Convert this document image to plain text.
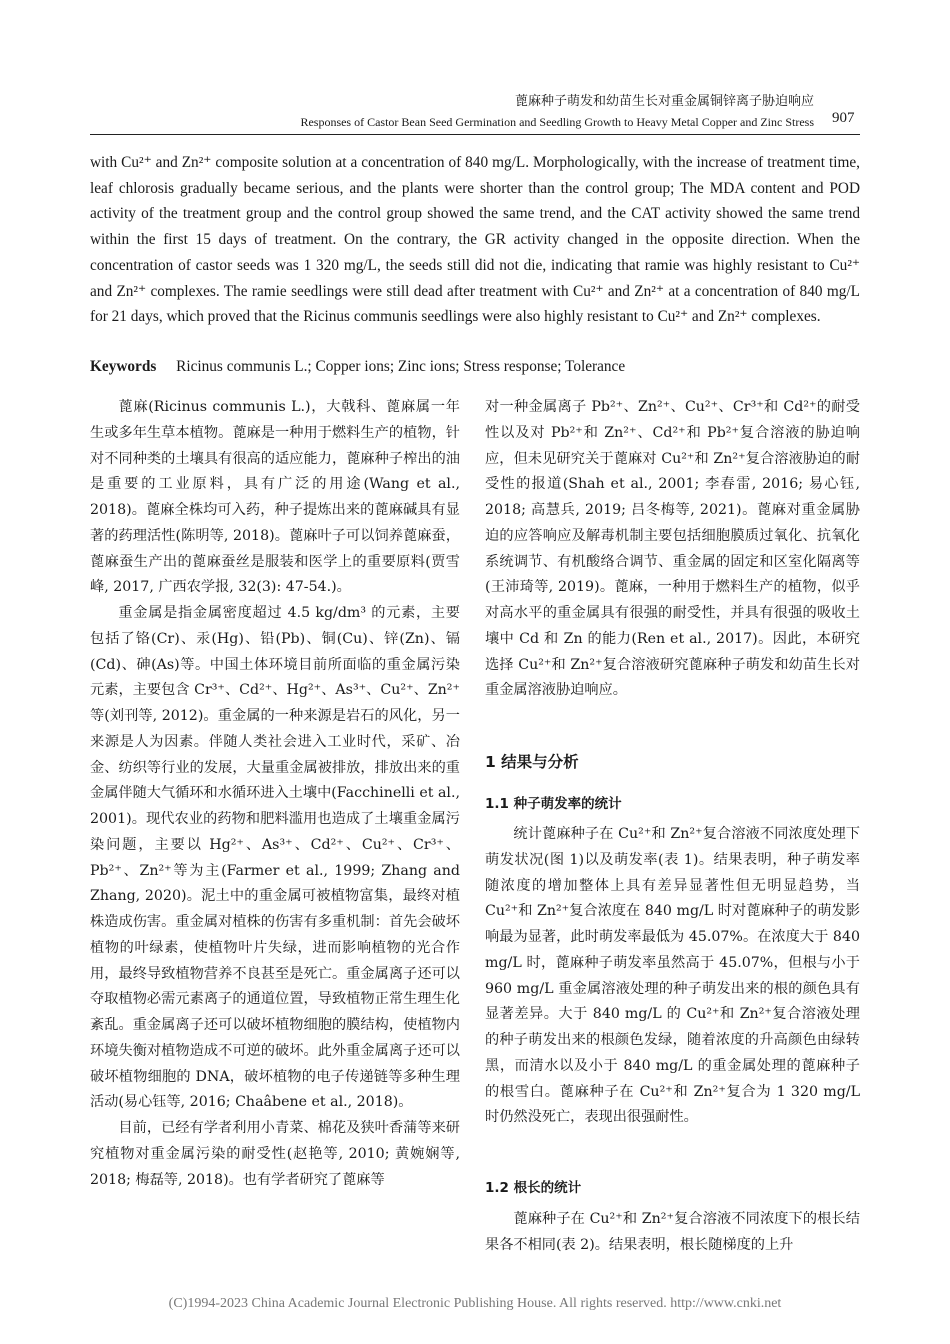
蓖麻种子萌发和幼苗生长对重金属铜锌离子胁迫响应
Responses of Castor Bean Seed Germination and Seedling Growth to Heavy Metal Copper and Zinc Stress 907

with Cu²⁺ and Zn²⁺ composite solution at a concentration of 840 mg/L. Morphologically, with the increase of treatment time, leaf chlorosis gradually became serious, and the plants were shorter than the control group; The MDA content and POD activity of the treatment group and the control group showed the same trend, and the CAT activity showed the same trend within the first 15 days of treatment. On the contrary, the GR activity changed in the opposite direction. When the concentration of castor seeds was 1 320 mg/L, the seeds still did not die, indicating that ramie was highly resistant to Cu²⁺ and Zn²⁺ complexes. The ramie seedlings were still dead after treatment with Cu²⁺ and Zn²⁺ at a concentration of 840 mg/L for 21 days, which proved that the Ricinus communis seedlings were also highly resistant to Cu²⁺ and Zn²⁺ complexes.

Keywords Ricinus communis L.; Copper ions; Zinc ions; Stress response; Tolerance

蓖麻(Ricinus communis L.)，大戟科、蓖麻属一年生或多年生草本植物。蓖麻是一种用于燃料生产的植物，针对不同种类的土壤具有很高的适应能力，蓖麻种子榨出的油是重要的工业原料，具有广泛的用途(Wang et al., 2018)。蓖麻全株均可入药，种子提炼出来的蓖麻碱具有显著的药理活性(陈明等, 2018)。蓖麻叶子可以饲养蓖麻蚕，蓖麻蚕生产出的蓖麻蚕丝是服装和医学上的重要原料(贾雪峰, 2017, 广西农学报, 32(3): 47-54.)。

重金属是指金属密度超过 4.5 kg/dm³ 的元素，主要包括了铬(Cr)、汞(Hg)、铅(Pb)、铜(Cu)、锌(Zn)、镉(Cd)、砷(As)等。中国土体环境目前所面临的重金属污染元素，主要包含 Cr³⁺、Cd²⁺、Hg²⁺、As³⁺、Cu²⁺、Zn²⁺等(刘刊等, 2012)。重金属的一种来源是岩石的风化，另一来源是人为因素。伴随人类社会进入工业时代，采矿、冶金、纺织等行业的发展，大量重金属被排放，排放出来的重金属伴随大气循环和水循环进入土壤中(Facchinelli et al., 2001)。现代农业的药物和肥料滥用也造成了土壤重金属污染问题，主要以 Hg²⁺、As³⁺、Cd²⁺、Cu²⁺、Cr³⁺、Pb²⁺、Zn²⁺等为主(Farmer et al., 1999; Zhang and Zhang, 2020)。泥土中的重金属可被植物富集，最终对植株造成伤害。重金属对植株的伤害有多重机制：首先会破坏植物的叶绿素，使植物叶片失绿，进而影响植物的光合作用，最终导致植物营养不良甚至是死亡。重金属离子还可以夺取植物必需元素离子的通道位置，导致植物正常生理生化紊乱。重金属离子还可以破坏植物细胞的膜结构，使植物内环境失衡对植物造成不可逆的破坏。此外重金属离子还可以破坏植物细胞的 DNA，破坏植物的电子传递链等多种生理活动(易心钰等, 2016; Chaâbene et al., 2018)。

目前，已经有学者利用小青菜、棉花及狭叶香蒲等来研究植物对重金属污染的耐受性(赵艳等, 2010; 黄婉娴等, 2018; 梅磊等, 2018)。也有学者研究了蓖麻等

对一种金属离子 Pb²⁺、Zn²⁺、Cu²⁺、Cr³⁺和 Cd²⁺的耐受性以及对 Pb²⁺和 Zn²⁺、Cd²⁺和 Pb²⁺复合溶液的胁迫响应，但未见研究关于蓖麻对 Cu²⁺和 Zn²⁺复合溶液胁迫的耐受性的报道(Shah et al., 2001; 李春雷, 2016; 易心钰, 2018; 高慧兵, 2019; 吕冬梅等, 2021)。蓖麻对重金属胁迫的应答响应及解毒机制主要包括细胞膜质过氧化、抗氧化系统调节、有机酸络合调节、重金属的固定和区室化隔离等(王沛琦等, 2019)。蓖麻，一种用于燃料生产的植物，似乎对高水平的重金属具有很强的耐受性，并具有很强的吸收土壤中 Cd 和 Zn 的能力(Ren et al., 2017)。因此，本研究选择 Cu²⁺和 Zn²⁺复合溶液研究蓖麻种子萌发和幼苗生长对重金属溶液胁迫响应。

1 结果与分析
1.1 种子萌发率的统计

统计蓖麻种子在 Cu²⁺和 Zn²⁺复合溶液不同浓度处理下萌发状况(图 1)以及萌发率(表 1)。结果表明，种子萌发率随浓度的增加整体上具有差异显著性但无明显趋势，当 Cu²⁺和 Zn²⁺复合浓度在 840 mg/L 时对蓖麻种子的萌发影响最为显著，此时萌发率最低为 45.07%。在浓度大于 840 mg/L 时，蓖麻种子萌发率虽然高于 45.07%，但根与小于 960 mg/L 重金属溶液处理的种子萌发出来的根的颜色具有显著差异。大于 840 mg/L 的 Cu²⁺和 Zn²⁺复合溶液处理的种子萌发出来的根颜色发绿，随着浓度的升高颜色由绿转黑，而清水以及小于 840 mg/L 的重金属处理的蓖麻种子的根雪白。蓖麻种子在 Cu²⁺和 Zn²⁺复合为 1 320 mg/L 时仍然没死亡，表现出很强耐性。

1.2 根长的统计

蓖麻种子在 Cu²⁺和 Zn²⁺复合溶液不同浓度下的根长结果各不相同(表 2)。结果表明，根长随梯度的上升

(C)1994-2023 China Academic Journal Electronic Publishing House. All rights reserved. http://www.cnki.net
